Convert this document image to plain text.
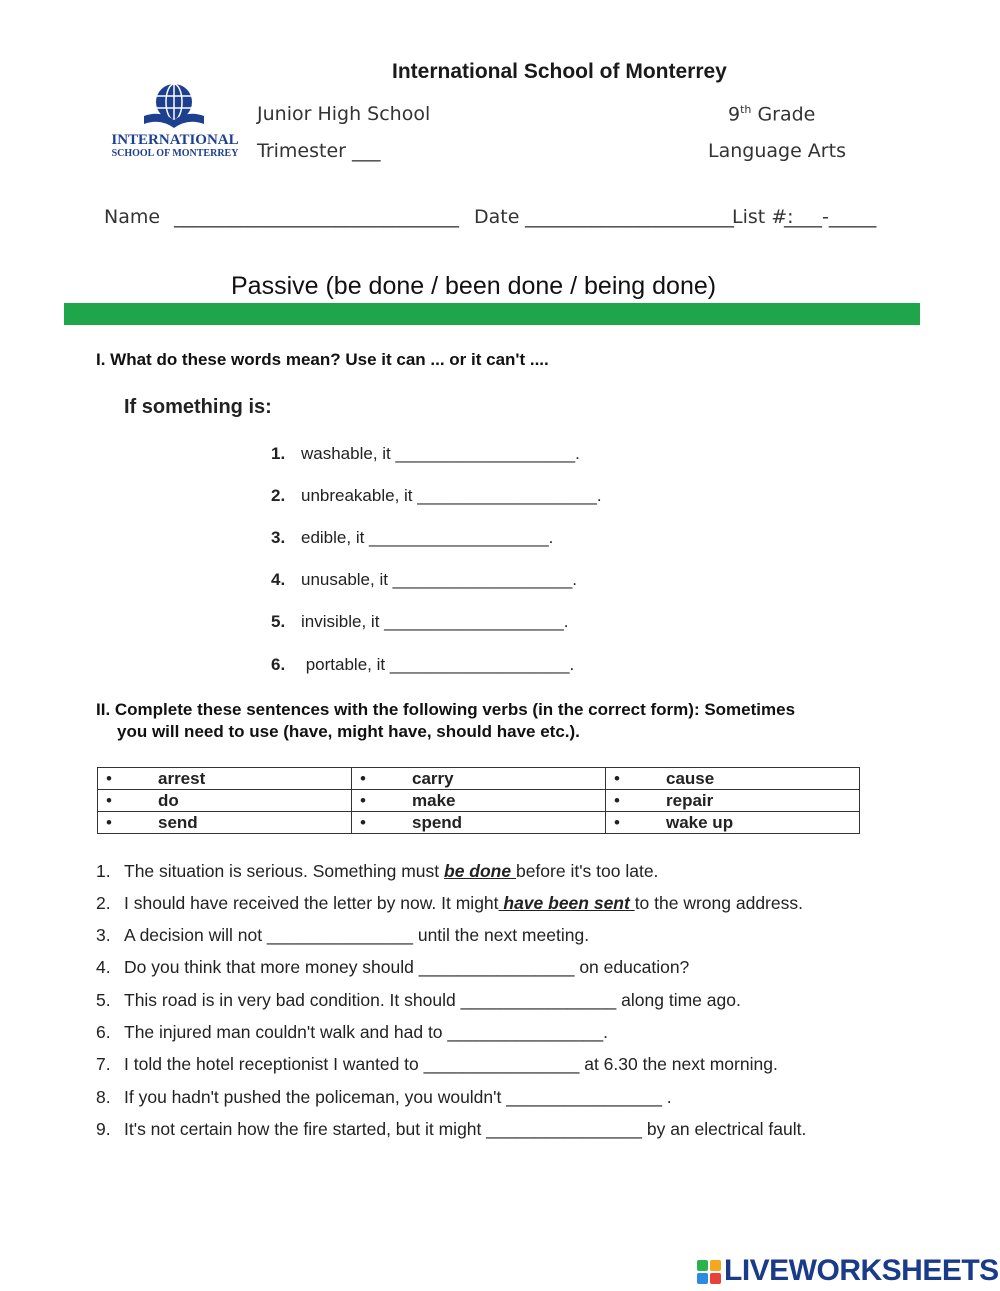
International School of Monterrey
INTERNATIONAL
SCHOOL OF MONTERREY
Junior High School	9th Grade
Trimester ___	Language Arts
Name ______________________________ Date ______________________
List #:
____-_____
Passive (be done / been done / being done)
I. What do these words mean? Use it can ... or it can't ....
If something is:
1. washable, it ___________________.
2. unbreakable, it ___________________.
3. edible, it ___________________.
4. unusable, it ___________________.
5. invisible, it ___________________.
6. portable, it ___________________.
II. Complete these sentences with the following verbs (in the correct form): Sometimes
you will need to use (have, might have, should have etc.).
• arrest	• carry	• cause
• do	• make	• repair
• send	• spend	• wake up
1. The situation is serious. Something must be done before it's too late.
2. I should have received the letter by now. It might have been sent to the wrong address.
3. A decision will not _______________ until the next meeting.
4. Do you think that more money should ________________ on education?
5. This road is in very bad condition. It should ________________ along time ago.
6. The injured man couldn't walk and had to ________________.
7. I told the hotel receptionist I wanted to ________________ at 6.30 the next morning.
8. If you hadn't pushed the policeman, you wouldn't ________________ .
9. It's not certain how the fire started, but it might ________________ by an electrical fault.
LIVEWORKSHEETS
